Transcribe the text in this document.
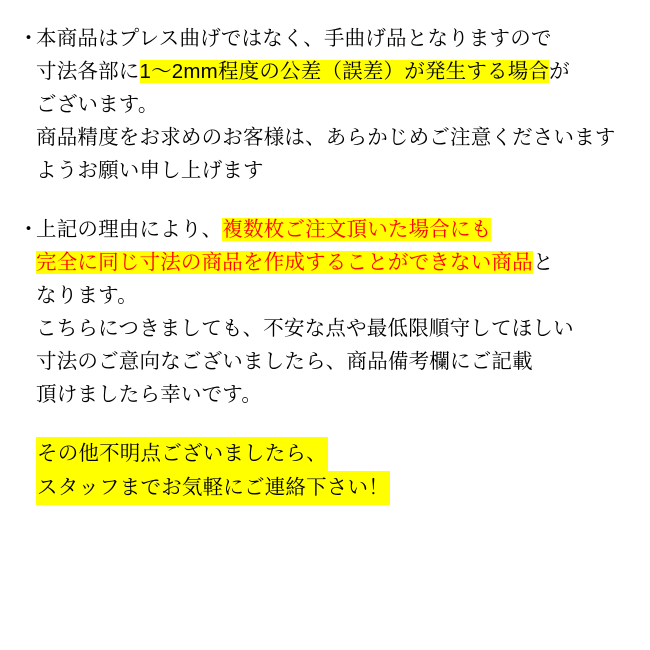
・
本商品はプレス曲げではなく、手曲げ品となりますので
寸法各部に1〜2mm程度の公差（誤差）が発生する場合が
ございます。
商品精度をお求めのお客様は、あらかじめご注意くださいます
ようお願い申し上げます
・
上記の理由により、複数枚ご注文頂いた場合にも
完全に同じ寸法の商品を作成することができない商品と
なります。
こちらにつきましても、不安な点や最低限順守してほしい
寸法のご意向なございましたら、商品備考欄にご記載
頂けましたら幸いです。
その他不明点ございましたら、
スタッフまでお気軽にご連絡下さい！
